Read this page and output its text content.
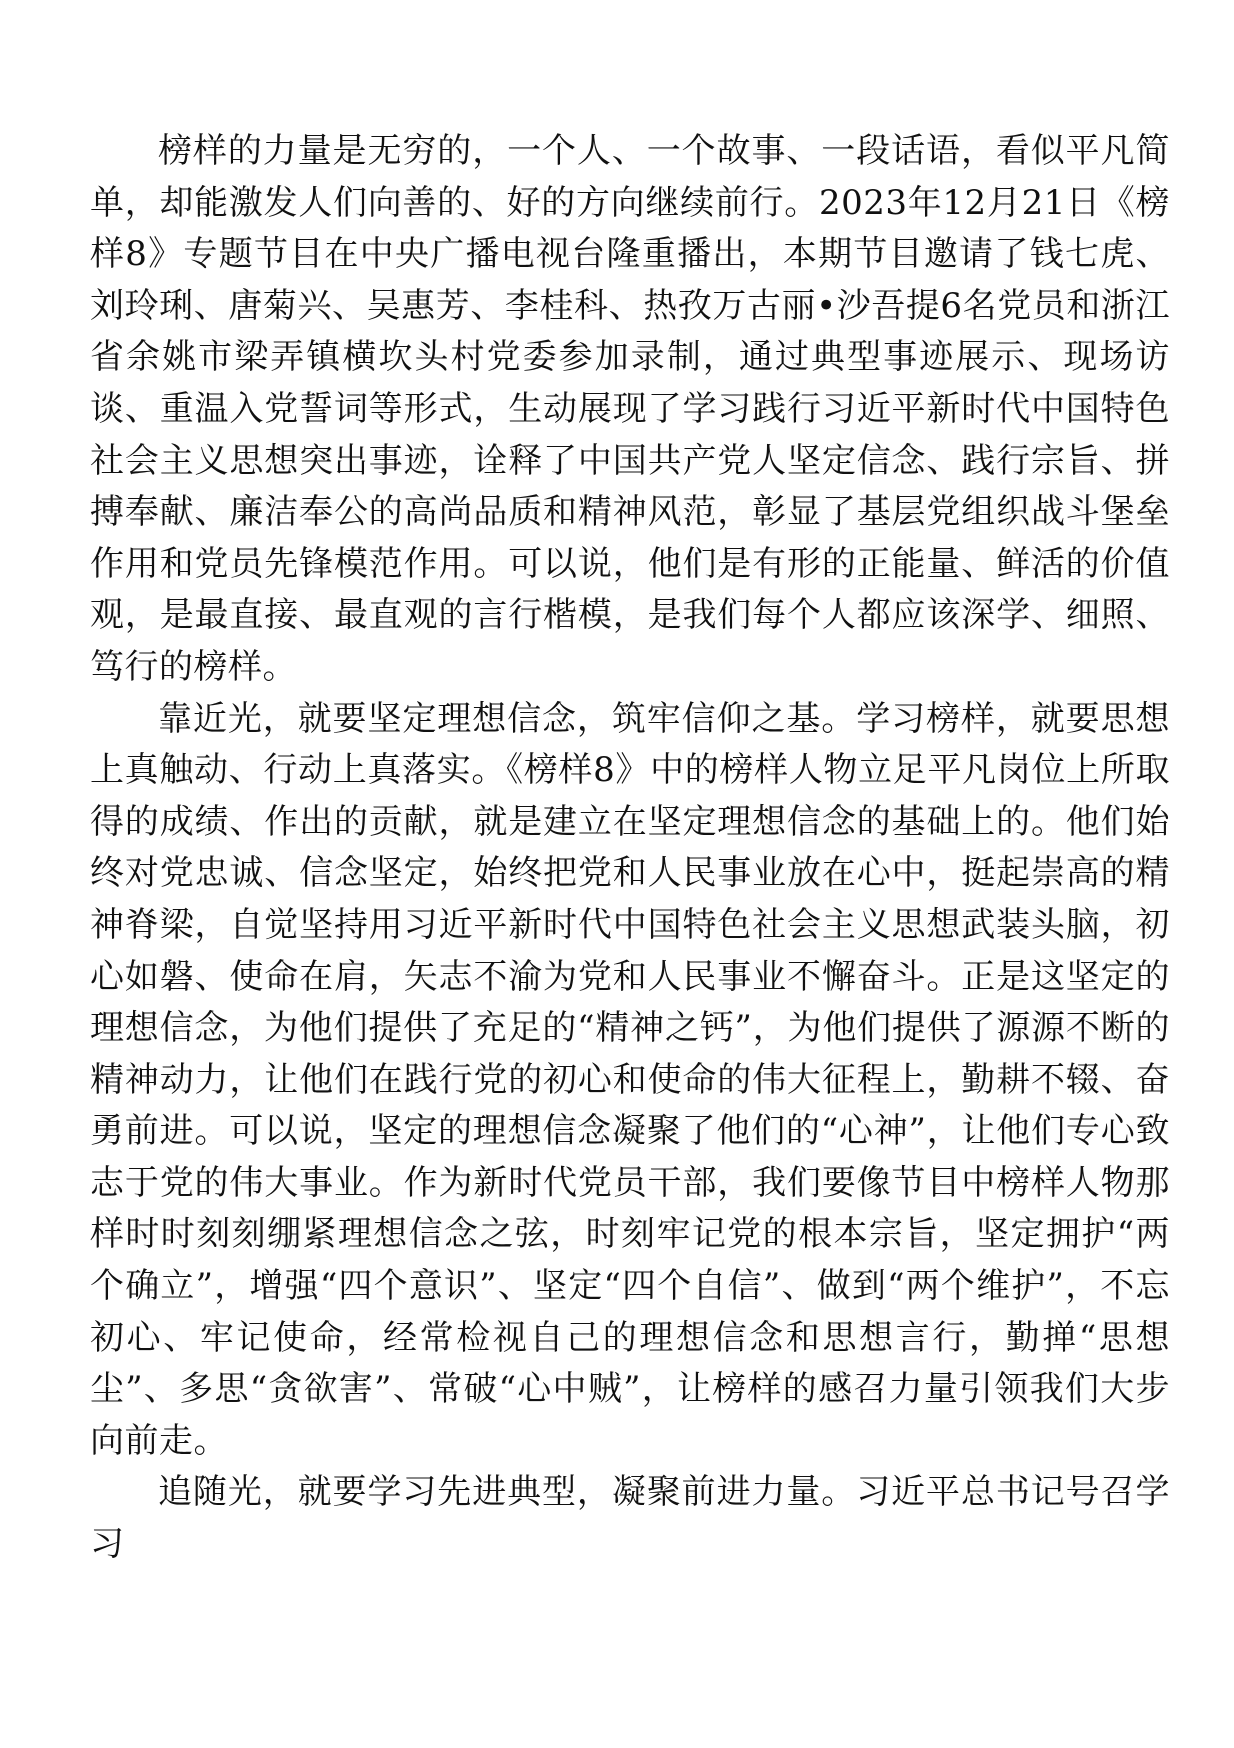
榜样的力量是无穷的，一个人、一个故事、一段话语，看似平凡简单，却能激发人们向善的、好的方向继续前行。2023年12月21日《榜样8》专题节目在中央广播电视台隆重播出，本期节目邀请了钱七虎、刘玲琍、唐菊兴、吴惠芳、李桂科、热孜万古丽•沙吾提6名党员和浙江省余姚市梁弄镇横坎头村党委参加录制，通过典型事迹展示、现场访谈、重温入党誓词等形式，生动展现了学习践行习近平新时代中国特色社会主义思想突出事迹，诠释了中国共产党人坚定信念、践行宗旨、拼搏奉献、廉洁奉公的高尚品质和精神风范，彰显了基层党组织战斗堡垒作用和党员先锋模范作用。可以说，他们是有形的正能量、鲜活的价值观，是最直接、最直观的言行楷模，是我们每个人都应该深学、细照、笃行的榜样。

靠近光，就要坚定理想信念，筑牢信仰之基。学习榜样，就要思想上真触动、行动上真落实。《榜样8》中的榜样人物立足平凡岗位上所取得的成绩、作出的贡献，就是建立在坚定理想信念的基础上的。他们始终对党忠诚、信念坚定，始终把党和人民事业放在心中，挺起崇高的精神脊梁，自觉坚持用习近平新时代中国特色社会主义思想武装头脑，初心如磐、使命在肩，矢志不渝为党和人民事业不懈奋斗。正是这坚定的理想信念，为他们提供了充足的“精神之钙”，为他们提供了源源不断的精神动力，让他们在践行党的初心和使命的伟大征程上，勤耕不辍、奋勇前进。可以说，坚定的理想信念凝聚了他们的“心神”，让他们专心致志于党的伟大事业。作为新时代党员干部，我们要像节目中榜样人物那样时时刻刻绷紧理想信念之弦，时刻牢记党的根本宗旨，坚定拥护“两个确立”，增强“四个意识”、坚定“四个自信”、做到“两个维护”，不忘初心、牢记使命，经常检视自己的理想信念和思想言行，勤掸“思想尘”、多思“贪欲害”、常破“心中贼”，让榜样的感召力量引领我们大步向前走。

追随光，就要学习先进典型，凝聚前进力量。习近平总书记号召学习
